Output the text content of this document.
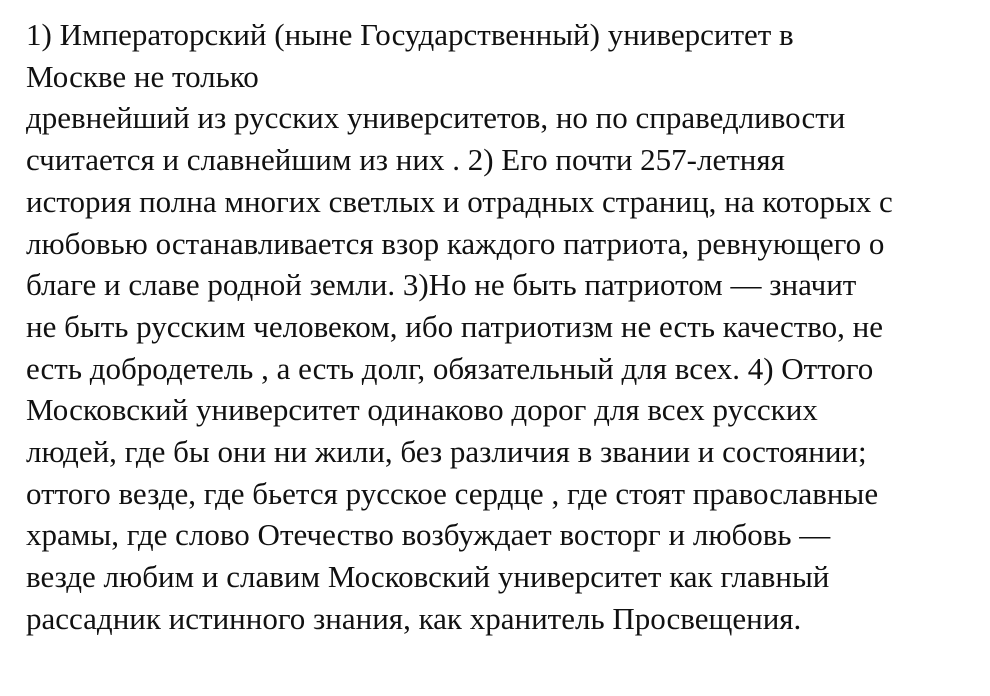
1) Императорский (ныне Государственный) университет в
Москве не только
древнейший из русских университетов, но по справедливости
считается и славнейшим из них . 2) Его почти 257-летняя
история полна многих светлых и отрадных страниц, на которых с
любовью останавливается взор каждого патриота, ревнующего о
благе и славе родной земли. 3)Но не быть патриотом — значит
не быть русским человеком, ибо патриотизм не есть качество, не
есть добродетель , а есть долг, обязательный для всех. 4) Оттого
Московский университет одинаково дорог для всех русских
людей, где бы они ни жили, без различия в звании и состоянии;
оттого везде, где бьется русское сердце , где стоят православные
храмы, где слово Отечество возбуждает восторг и любовь —
везде любим и славим Московский университет как главный
рассадник истинного знания, как хранитель Просвещения.
